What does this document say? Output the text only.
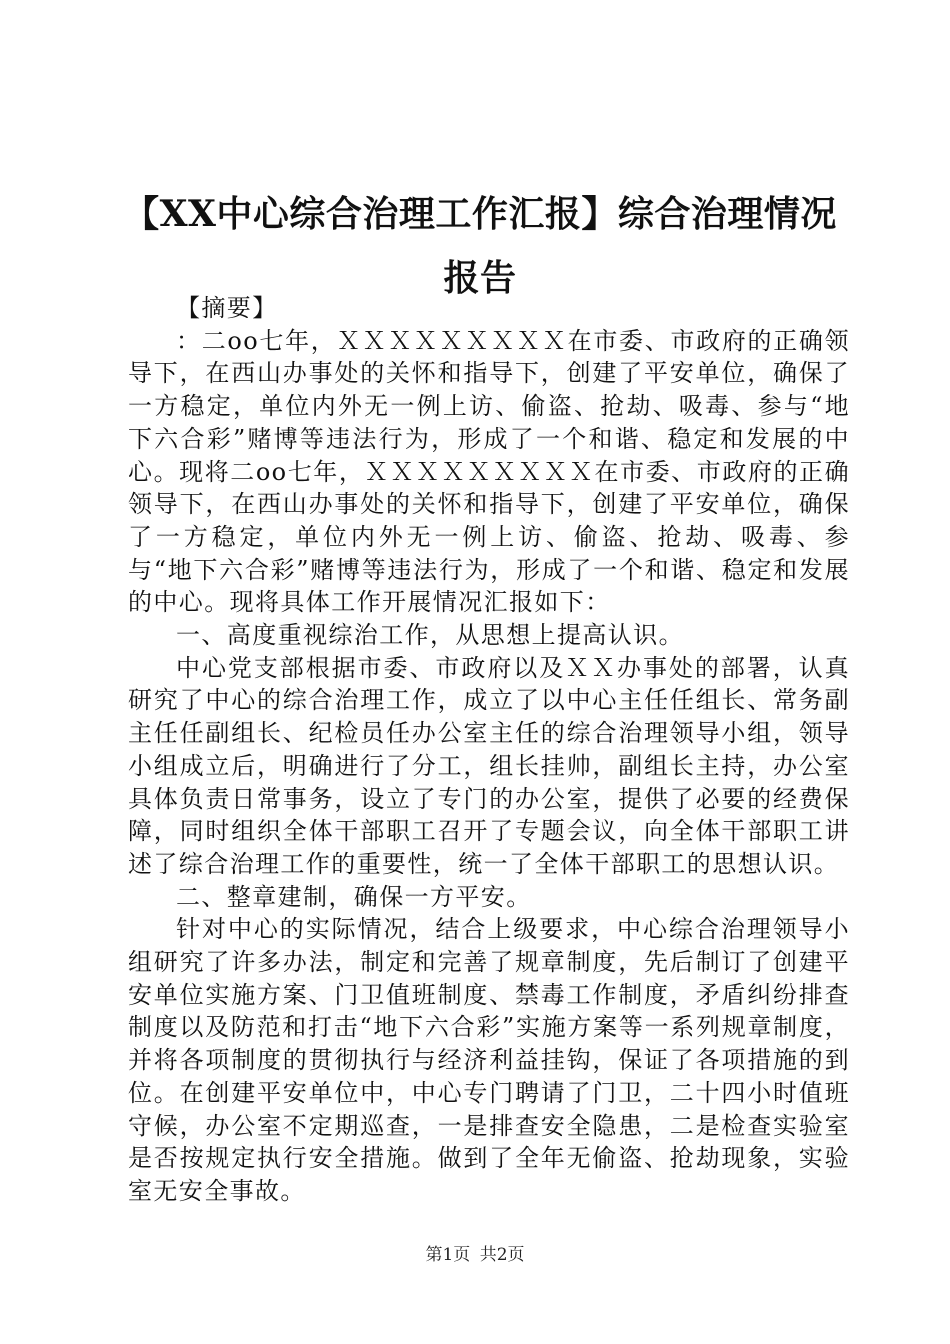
【XX中心综合治理工作汇报】综合治理情况报告

【摘要】

：二oo七年，ＸＸＸＸＸＸＸＸＸ在市委、市政府的正确领导下，在西山办事处的关怀和指导下，创建了平安单位，确保了一方稳定，单位内外无一例上访、偷盗、抢劫、吸毒、参与“地下六合彩”赌博等违法行为，形成了一个和谐、稳定和发展的中心。现将二oo七年，ＸＸＸＸＸＸＸＸＸ在市委、市政府的正确领导下，在西山办事处的关怀和指导下，创建了平安单位，确保了一方稳定，单位内外无一例上访、偷盗、抢劫、吸毒、参与“地下六合彩”赌博等违法行为，形成了一个和谐、稳定和发展的中心。现将具体工作开展情况汇报如下：

一、高度重视综治工作，从思想上提高认识。

中心党支部根据市委、市政府以及ＸＸ办事处的部署，认真研究了中心的综合治理工作，成立了以中心主任任组长、常务副主任任副组长、纪检员任办公室主任的综合治理领导小组，领导小组成立后，明确进行了分工，组长挂帅，副组长主持，办公室具体负责日常事务，设立了专门的办公室，提供了必要的经费保障，同时组织全体干部职工召开了专题会议，向全体干部职工讲述了综合治理工作的重要性，统一了全体干部职工的思想认识。

二、整章建制，确保一方平安。

针对中心的实际情况，结合上级要求，中心综合治理领导小组研究了许多办法，制定和完善了规章制度，先后制订了创建平安单位实施方案、门卫值班制度、禁毒工作制度，矛盾纠纷排查制度以及防范和打击“地下六合彩”实施方案等一系列规章制度，并将各项制度的贯彻执行与经济利益挂钩，保证了各项措施的到位。在创建平安单位中，中心专门聘请了门卫，二十四小时值班守候，办公室不定期巡查，一是排查安全隐患，二是检查实验室是否按规定执行安全措施。做到了全年无偷盗、抢劫现象，实验室无安全事故。

第1页 共2页
